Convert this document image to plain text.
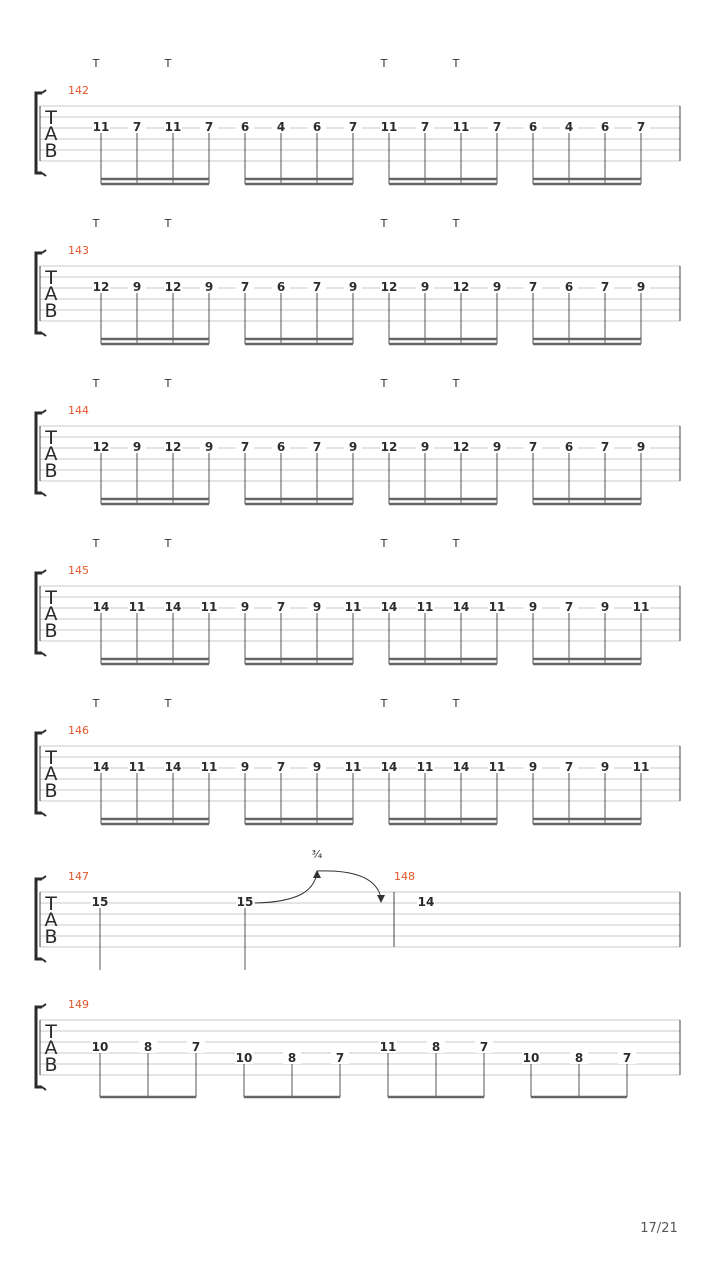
T	T	T	T
142
T
A
B
11 7 11 7 6 4 6 7 11 7 11 7 6 4 6 7
T	T	T	T
143
T
A
B
12 9 12 9 7 6 7 9 12 9 12 9 7 6 7 9
T	T	T	T
144
T
A
B
12 9 12 9 7 6 7 9 12 9 12 9 7 6 7 9
T	T	T	T
145
T
A
B
14 11 14 11 9 7 9 11 14 11 14 11 9 7 9 11
T	T	T	T
146
T
A
B
14 11 14 11 9 7 9 11 14 11 14 11 9 7 9 11
147	148
T
A
B
15	15	14
³⁄₄
149
T
A
B
10	8	7
10	8	7
11	8	7
10	8	7
17/21
